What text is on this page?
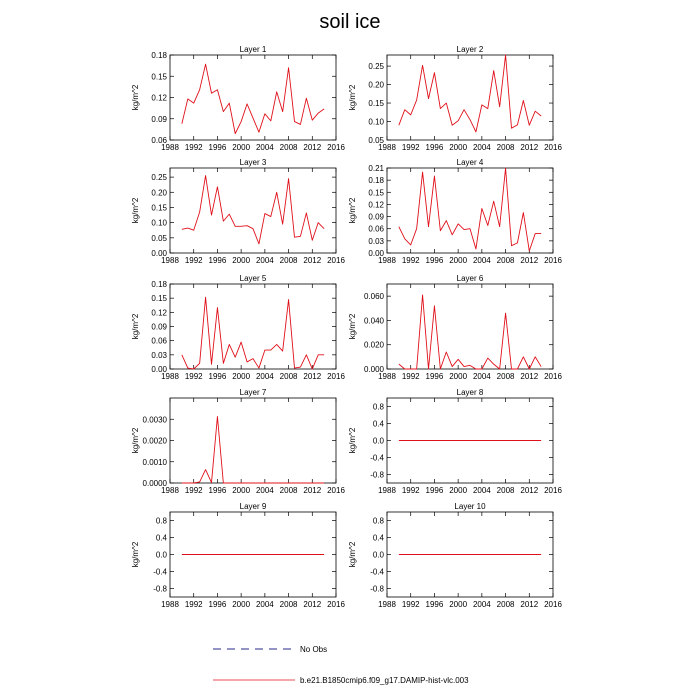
soil ice
Layer 1
1988 1992 1996 2000 2004 2008 2012 2016
0.06
0.09
0.12
0.15
0.18
kg/m^2
Layer 2
1988 1992 1996 2000 2004 2008 2012 2016
0.05
0.10
0.15
0.20
0.25
kg/m^2
Layer 3
1988 1992 1996 2000 2004 2008 2012 2016
0.00
0.05
0.10
0.15
0.20
0.25
kg/m^2
Layer 4
1988 1992 1996 2000 2004 2008 2012 2016
0.00
0.03
0.06
0.09
0.12
0.15
0.18
0.21
kg/m^2
Layer 5
1988 1992 1996 2000 2004 2008 2012 2016
0.00
0.03
0.06
0.09
0.12
0.15
0.18
kg/m^2
Layer 6
1988 1992 1996 2000 2004 2008 2012 2016
0.000
0.020
0.040
0.060
kg/m^2
Layer 7
1988 1992 1996 2000 2004 2008 2012 2016
0.0000
0.0010
0.0020
0.0030
kg/m^2
Layer 8
1988 1992 1996 2000 2004 2008 2012 2016
-0.8
-0.4
0.0
0.4
0.8
kg/m^2
Layer 9
1988 1992 1996 2000 2004 2008 2012 2016
-0.8
-0.4
0.0
0.4
0.8
kg/m^2
Layer 10
1988 1992 1996 2000 2004 2008 2012 2016
-0.8
-0.4
0.0
0.4
0.8
kg/m^2
No Obs
b.e21.B1850cmip6.f09_g17.DAMIP-hist-vlc.003
